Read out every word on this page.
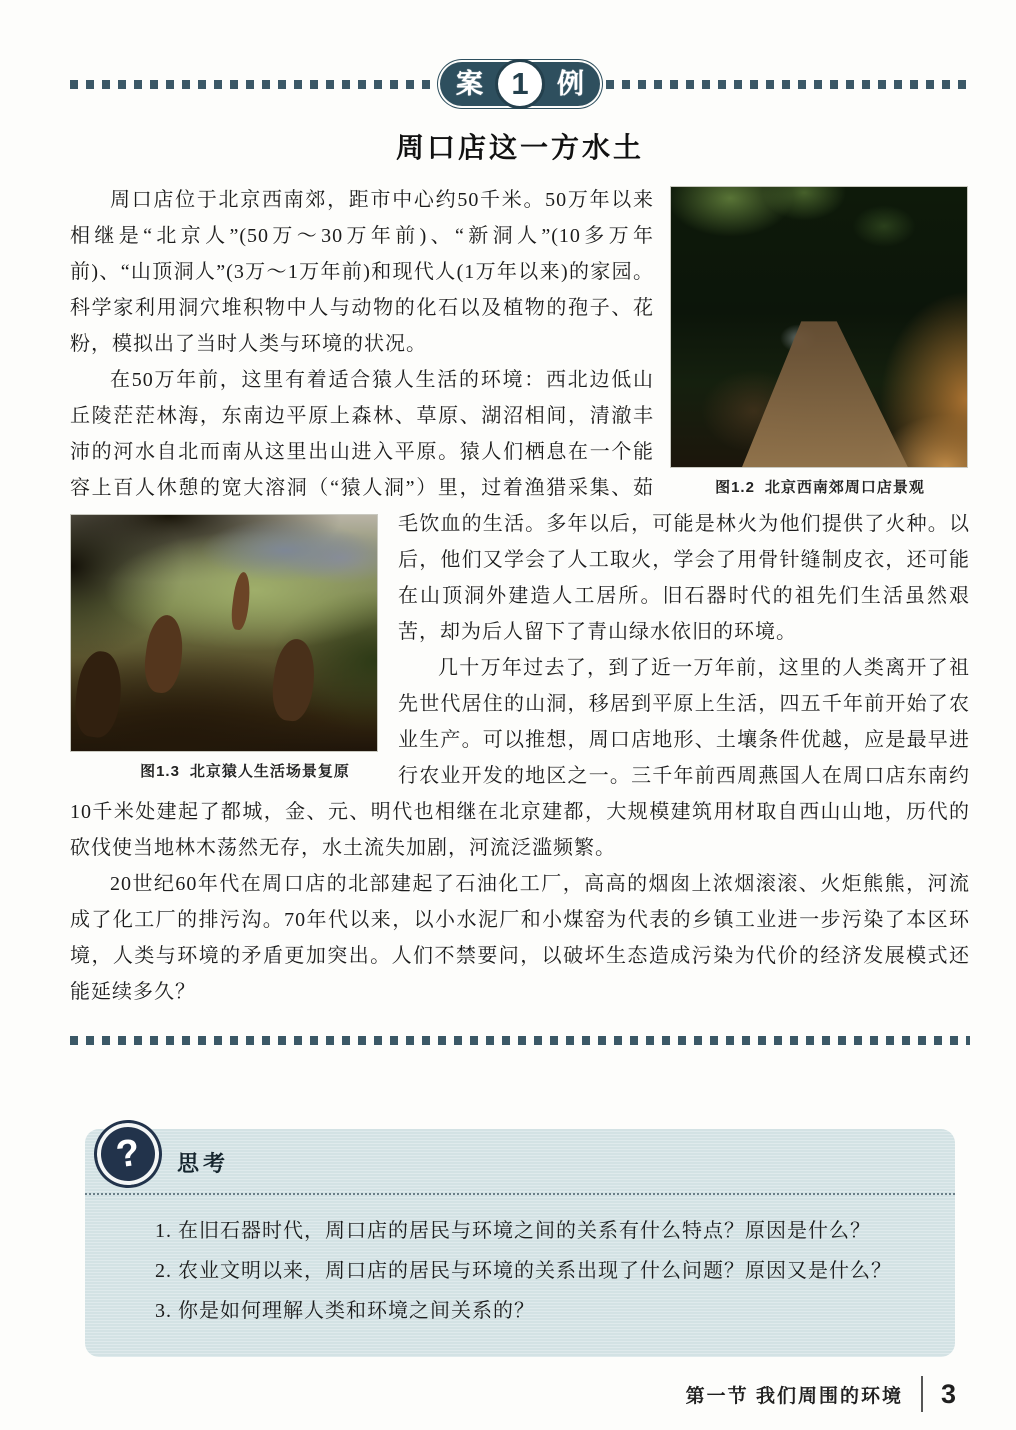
案 1	例
周口店这一方水土
图1.2 北京西南郊周口店景观

周口店位于北京西南郊，距市中心约50千米。50万年以来相继是“北京人”(50万～30万年前)、“新洞人”(10多万年前)、“山顶洞人”(3万～1万年前)和现代人(1万年以来)的家园。科学家利用洞穴堆积物中人与动物的化石以及植物的孢子、花粉，模拟出了当时人类与环境的状况。

在50万年前，这里有着适合猿人生活的环境：西北边低山丘陵茫茫林海，东南边平原上森林、草原、湖沼相间，清澈丰沛的河水自北而南从这里出山进入平原。猿人们栖息在一个能容上百人休憩的宽大溶洞（“猿人洞”）里，过着渔猎采集、茹
图1.3 北京猿人生活场景复原
毛饮血的生活。多年以后，可能是林火为他们提供了火种。以后，他们又学会了人工取火，学会了用骨针缝制皮衣，还可能在山顶洞外建造人工居所。旧石器时代的祖先们生活虽然艰苦，却为后人留下了青山绿水依旧的环境。

几十万年过去了，到了近一万年前，这里的人类离开了祖先世代居住的山洞，移居到平原上生活，四五千年前开始了农业生产。可以推想，周口店地形、土壤条件优越，应是最早进行农业开发的地区之一。三千年前西周燕国人在周口店东南约10千米处建起了都城，金、元、明代也相继在北京建都，大规模建筑用材取自西山山地，历代的砍伐使当地林木荡然无存，水土流失加剧，河流泛滥频繁。

20世纪60年代在周口店的北部建起了石油化工厂，高高的烟囱上浓烟滚滚、火炬熊熊，河流成了化工厂的排污沟。70年代以来，以小水泥厂和小煤窑为代表的乡镇工业进一步污染了本区环境，人类与环境的矛盾更加突出。人们不禁要问，以破坏生态造成污染为代价的经济发展模式还能延续多久？

?	思考

1. 在旧石器时代，周口店的居民与环境之间的关系有什么特点？原因是什么？

2. 农业文明以来，周口店的居民与环境的关系出现了什么问题？原因又是什么？

3. 你是如何理解人类和环境之间关系的？

第一节 我们周围的环境 3
